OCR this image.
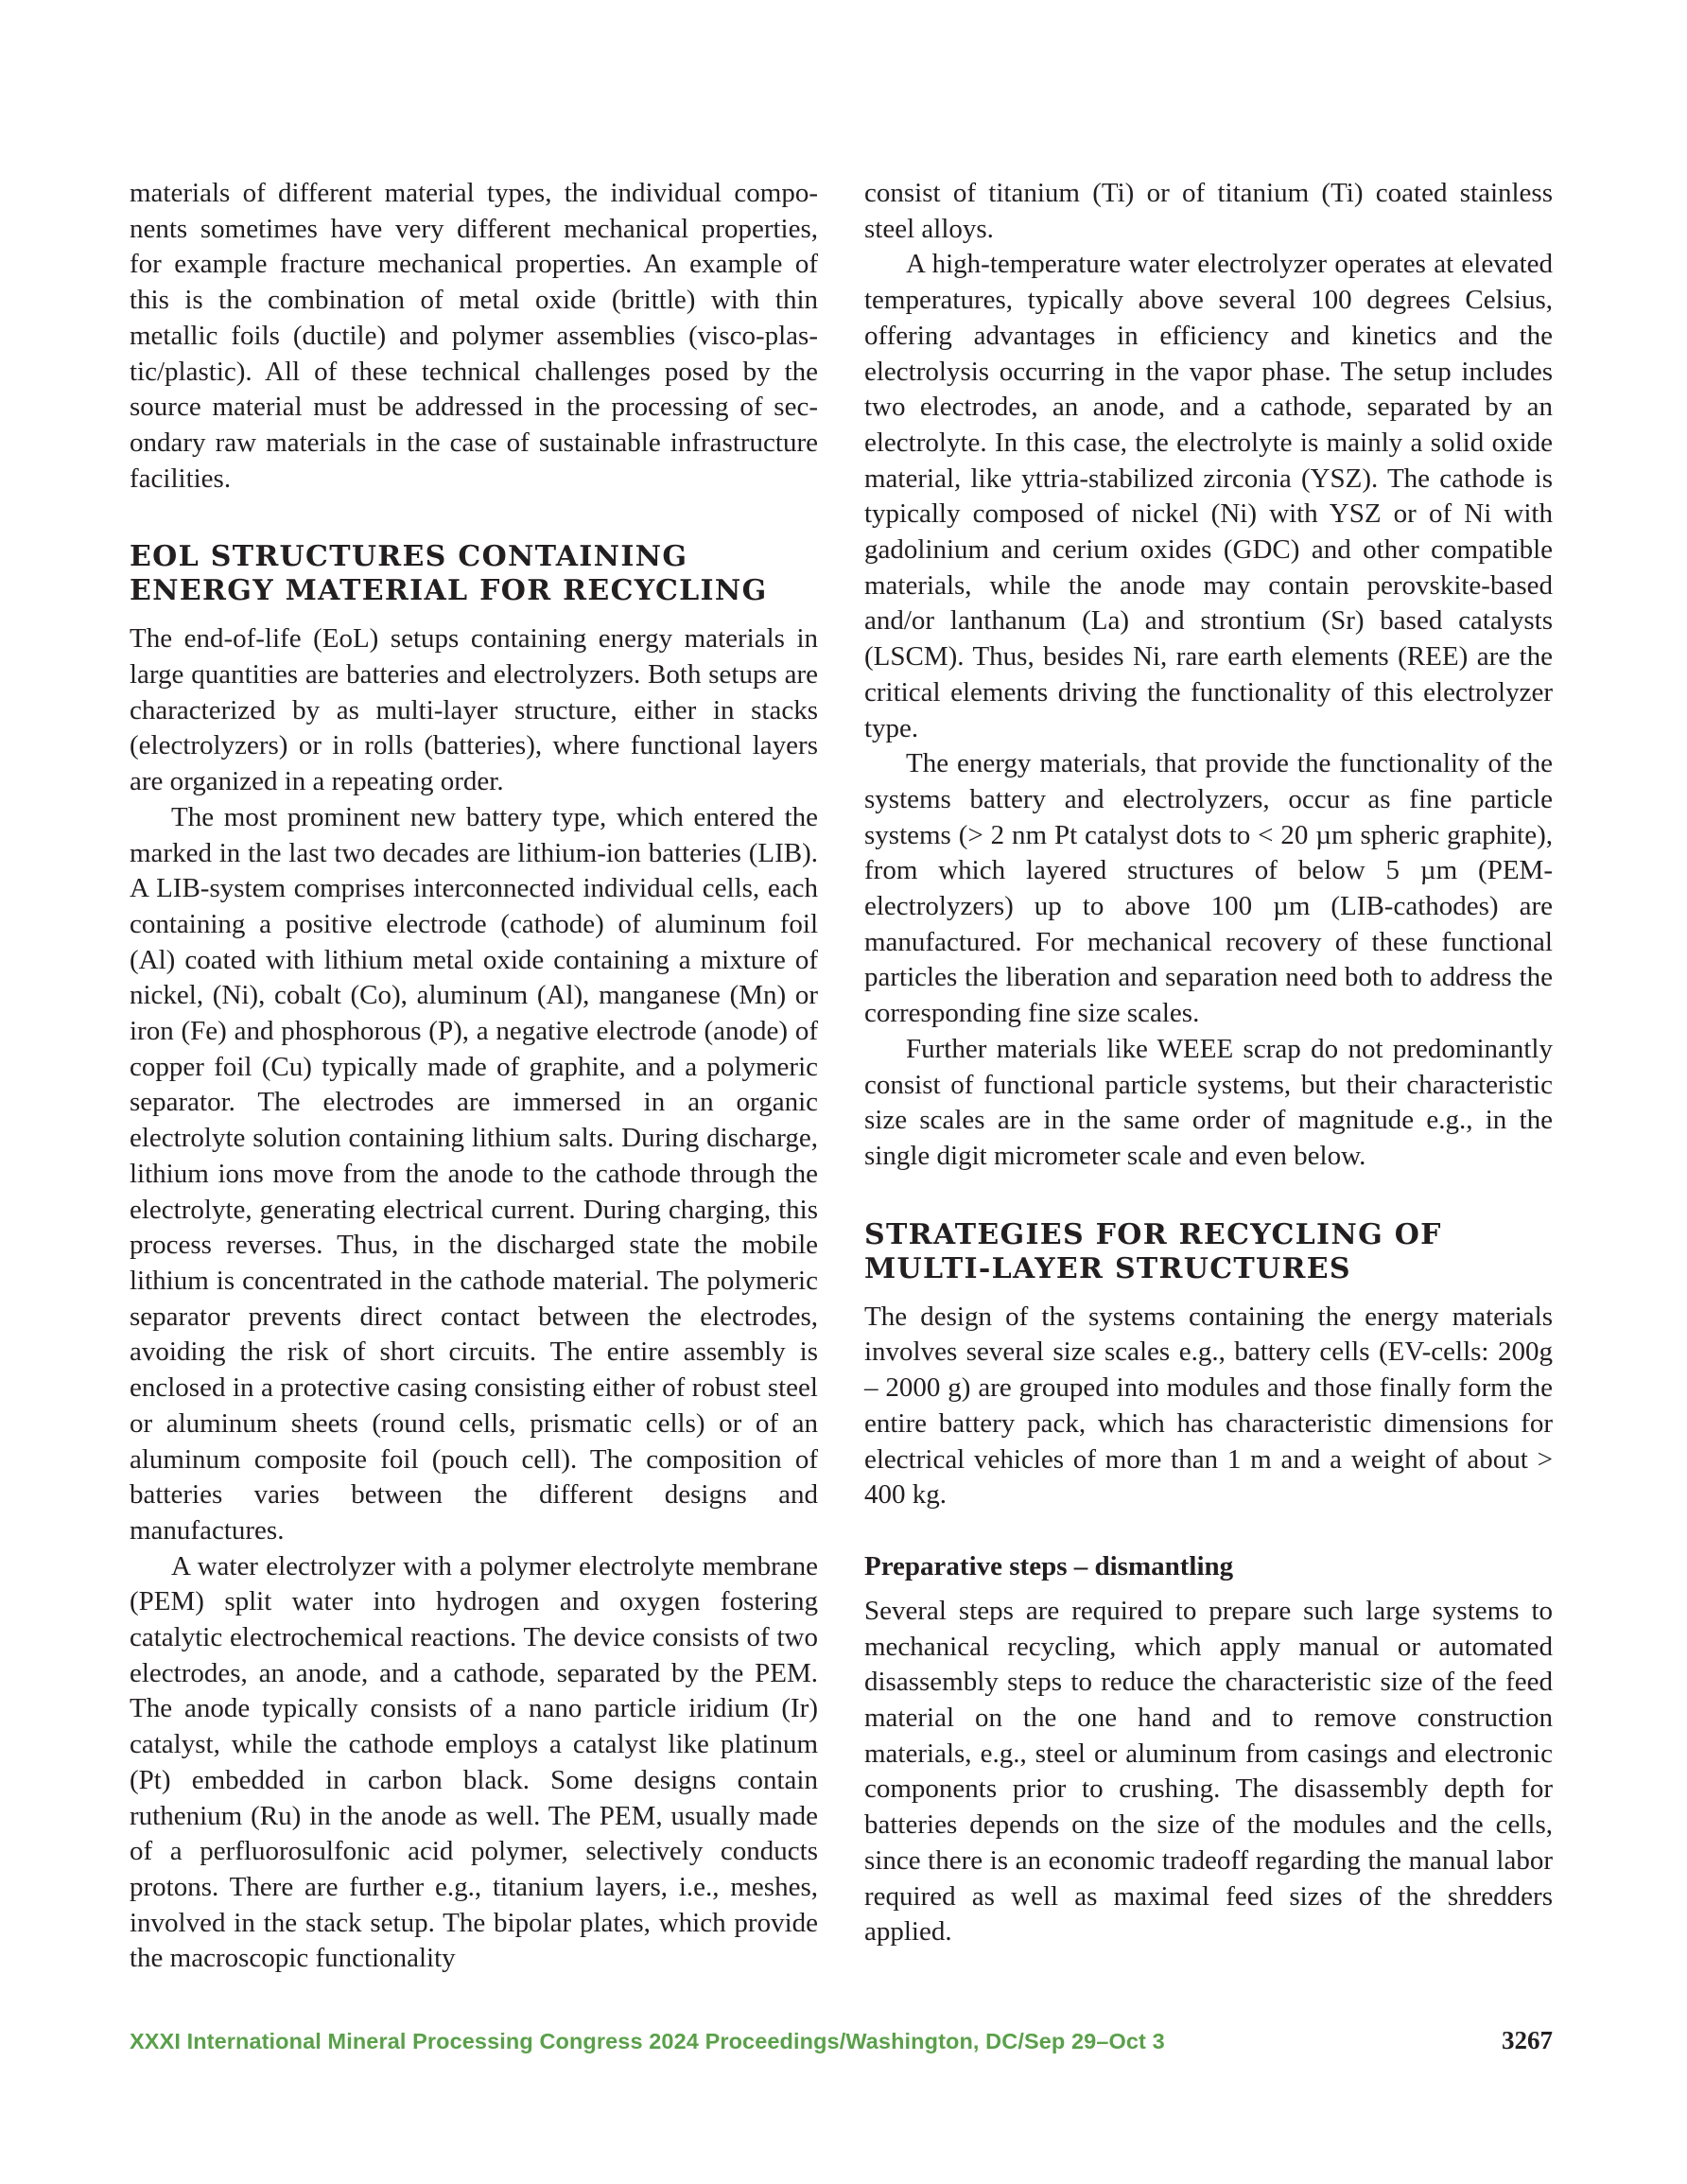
materials of different material types, the individual components sometimes have very different mechanical properties, for example fracture mechanical properties. An example of this is the combination of metal oxide (brittle) with thin metallic foils (ductile) and polymer assemblies (visco-plastic/plastic). All of these technical challenges posed by the source material must be addressed in the processing of secondary raw materials in the case of sustainable infrastructure facilities.

EOL STRUCTURES CONTAINING ENERGY MATERIAL FOR RECYCLING

The end-of-life (EoL) setups containing energy materials in large quantities are batteries and electrolyzers. Both setups are characterized by as multi-layer structure, either in stacks (electrolyzers) or in rolls (batteries), where functional layers are organized in a repeating order.

The most prominent new battery type, which entered the marked in the last two decades are lithium-ion batteries (LIB). A LIB-system comprises interconnected individual cells, each containing a positive electrode (cathode) of aluminum foil (Al) coated with lithium metal oxide containing a mixture of nickel, (Ni), cobalt (Co), aluminum (Al), manganese (Mn) or iron (Fe) and phosphorous (P), a negative electrode (anode) of copper foil (Cu) typically made of graphite, and a polymeric separator. The electrodes are immersed in an organic electrolyte solution containing lithium salts. During discharge, lithium ions move from the anode to the cathode through the electrolyte, generating electrical current. During charging, this process reverses. Thus, in the discharged state the mobile lithium is concentrated in the cathode material. The polymeric separator prevents direct contact between the electrodes, avoiding the risk of short circuits. The entire assembly is enclosed in a protective casing consisting either of robust steel or aluminum sheets (round cells, prismatic cells) or of an aluminum composite foil (pouch cell). The composition of batteries varies between the different designs and manufactures.

A water electrolyzer with a polymer electrolyte membrane (PEM) split water into hydrogen and oxygen fostering catalytic electrochemical reactions. The device consists of two electrodes, an anode, and a cathode, separated by the PEM. The anode typically consists of a nano particle iridium (Ir) catalyst, while the cathode employs a catalyst like platinum (Pt) embedded in carbon black. Some designs contain ruthenium (Ru) in the anode as well. The PEM, usually made of a perfluorosulfonic acid polymer, selectively conducts protons. There are further e.g., titanium layers, i.e., meshes, involved in the stack setup. The bipolar plates, which provide the macroscopic functionality

consist of titanium (Ti) or of titanium (Ti) coated stainless steel alloys.

A high-temperature water electrolyzer operates at elevated temperatures, typically above several 100 degrees Celsius, offering advantages in efficiency and kinetics and the electrolysis occurring in the vapor phase. The setup includes two electrodes, an anode, and a cathode, separated by an electrolyte. In this case, the electrolyte is mainly a solid oxide material, like yttria-stabilized zirconia (YSZ). The cathode is typically composed of nickel (Ni) with YSZ or of Ni with gadolinium and cerium oxides (GDC) and other compatible materials, while the anode may contain perovskite-based and/or lanthanum (La) and strontium (Sr) based catalysts (LSCM). Thus, besides Ni, rare earth elements (REE) are the critical elements driving the functionality of this electrolyzer type.

The energy materials, that provide the functionality of the systems battery and electrolyzers, occur as fine particle systems (> 2 nm Pt catalyst dots to < 20 µm spheric graphite), from which layered structures of below 5 µm (PEM-electrolyzers) up to above 100 µm (LIB-cathodes) are manufactured. For mechanical recovery of these functional particles the liberation and separation need both to address the corresponding fine size scales.

Further materials like WEEE scrap do not predominantly consist of functional particle systems, but their characteristic size scales are in the same order of magnitude e.g., in the single digit micrometer scale and even below.

STRATEGIES FOR RECYCLING OF MULTI-LAYER STRUCTURES

The design of the systems containing the energy materials involves several size scales e.g., battery cells (EV-cells: 200g – 2000 g) are grouped into modules and those finally form the entire battery pack, which has characteristic dimensions for electrical vehicles of more than 1 m and a weight of about > 400 kg.

Preparative steps – dismantling

Several steps are required to prepare such large systems to mechanical recycling, which apply manual or automated disassembly steps to reduce the characteristic size of the feed material on the one hand and to remove construction materials, e.g., steel or aluminum from casings and electronic components prior to crushing. The disassembly depth for batteries depends on the size of the modules and the cells, since there is an economic tradeoff regarding the manual labor required as well as maximal feed sizes of the shredders applied.

XXXI International Mineral Processing Congress 2024 Proceedings/Washington, DC/Sep 29–Oct 3	3267
